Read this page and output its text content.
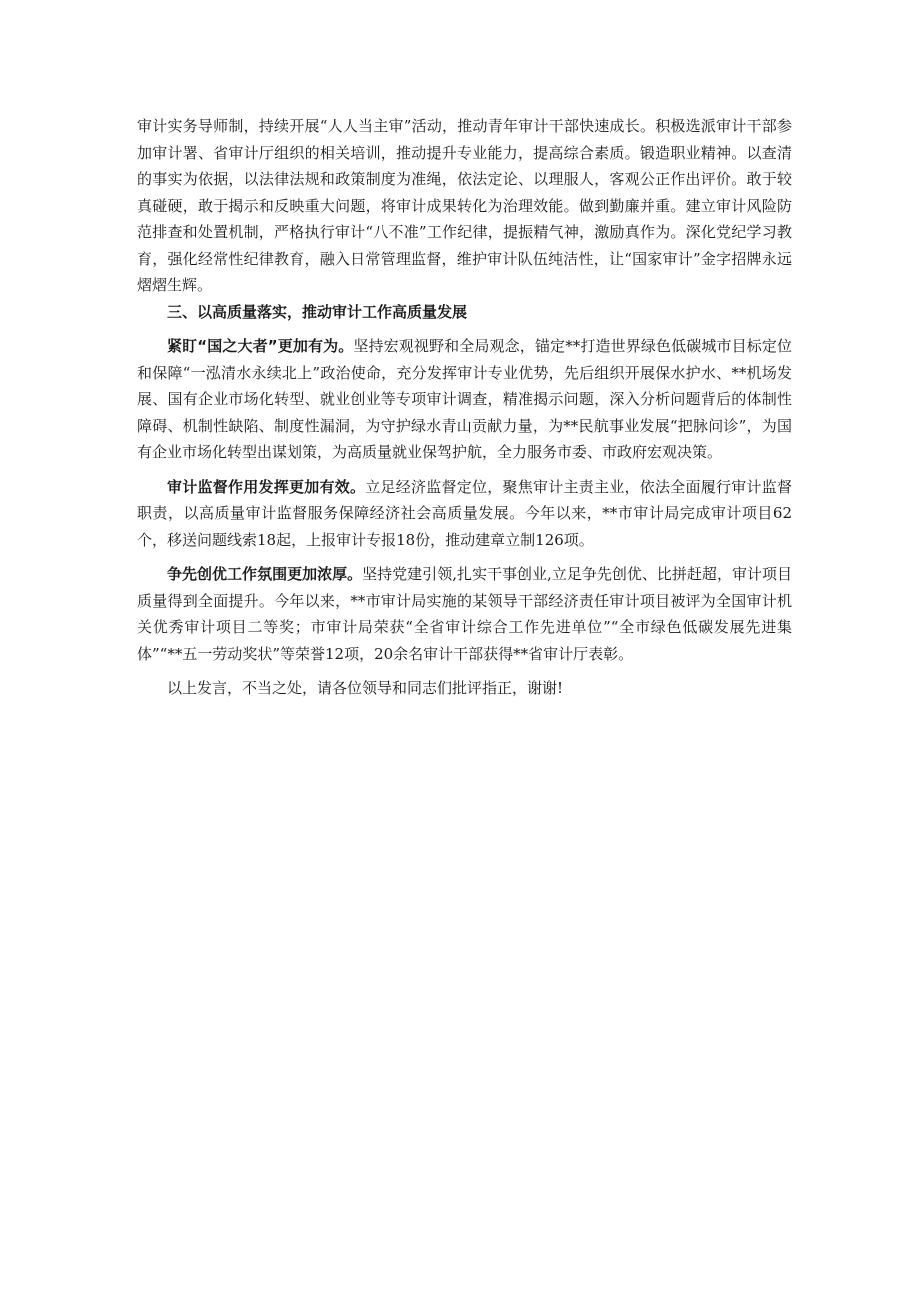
审计实务导师制，持续开展“人人当主审”活动，推动青年审计干部快速成长。积极选派审计干部参加审计署、省审计厅组织的相关培训，推动提升专业能力，提高综合素质。锻造职业精神。以查清的事实为依据，以法律法规和政策制度为准绳，依法定论、以理服人，客观公正作出评价。敢于较真碰硬，敢于揭示和反映重大问题，将审计成果转化为治理效能。做到勤廉并重。建立审计风险防范排查和处置机制，严格执行审计“八不准”工作纪律，提振精气神，激励真作为。深化党纪学习教育，强化经常性纪律教育，融入日常管理监督，维护审计队伍纯洁性，让“国家审计”金字招牌永远熠熠生辉。

三、以高质量落实，推动审计工作高质量发展

紧盯“国之大者”更加有为。坚持宏观视野和全局观念，锚定**打造世界绿色低碳城市目标定位和保障“一泓清水永续北上”政治使命，充分发挥审计专业优势，先后组织开展保水护水、**机场发展、国有企业市场化转型、就业创业等专项审计调查，精准揭示问题，深入分析问题背后的体制性障碍、机制性缺陷、制度性漏洞，为守护绿水青山贡献力量，为**民航事业发展“把脉问诊”，为国有企业市场化转型出谋划策，为高质量就业保驾护航，全力服务市委、市政府宏观决策。

审计监督作用发挥更加有效。立足经济监督定位，聚焦审计主责主业，依法全面履行审计监督职责，以高质量审计监督服务保障经济社会高质量发展。今年以来，**市审计局完成审计项目62个，移送问题线索18起，上报审计专报18份，推动建章立制126项。

争先创优工作氛围更加浓厚。坚持党建引领,扎实干事创业,立足争先创优、比拼赶超，审计项目质量得到全面提升。今年以来，**市审计局实施的某领导干部经济责任审计项目被评为全国审计机关优秀审计项目二等奖；市审计局荣获“全省审计综合工作先进单位”“全市绿色低碳发展先进集体”“**五一劳动奖状”等荣誉12项，20余名审计干部获得**省审计厅表彰。

以上发言，不当之处，请各位领导和同志们批评指正，谢谢!
